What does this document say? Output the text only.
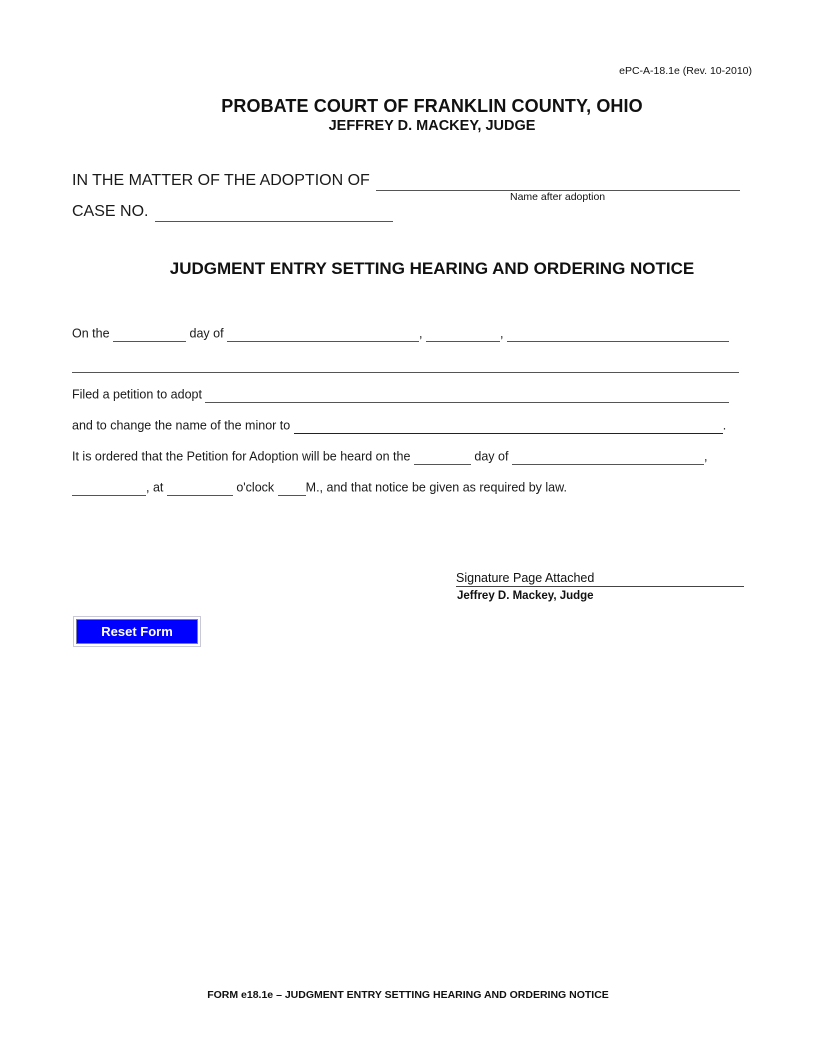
ePC-A-18.1e (Rev. 10-2010)
PROBATE COURT OF FRANKLIN COUNTY, OHIO
JEFFREY D. MACKEY, JUDGE
IN THE MATTER OF THE ADOPTION OF
Name after adoption
CASE NO.
JUDGMENT ENTRY SETTING HEARING AND ORDERING NOTICE
On the	day of	,	,
Filed a petition to adopt
and to change the name of the minor to	.
It is ordered that the Petition for Adoption will be heard on the	day of	,
, at	o'clock	M., and that notice be given as required by law.
Signature Page Attached
Jeffrey D. Mackey, Judge
Reset Form
FORM e18.1e – JUDGMENT ENTRY SETTING HEARING AND ORDERING NOTICE
